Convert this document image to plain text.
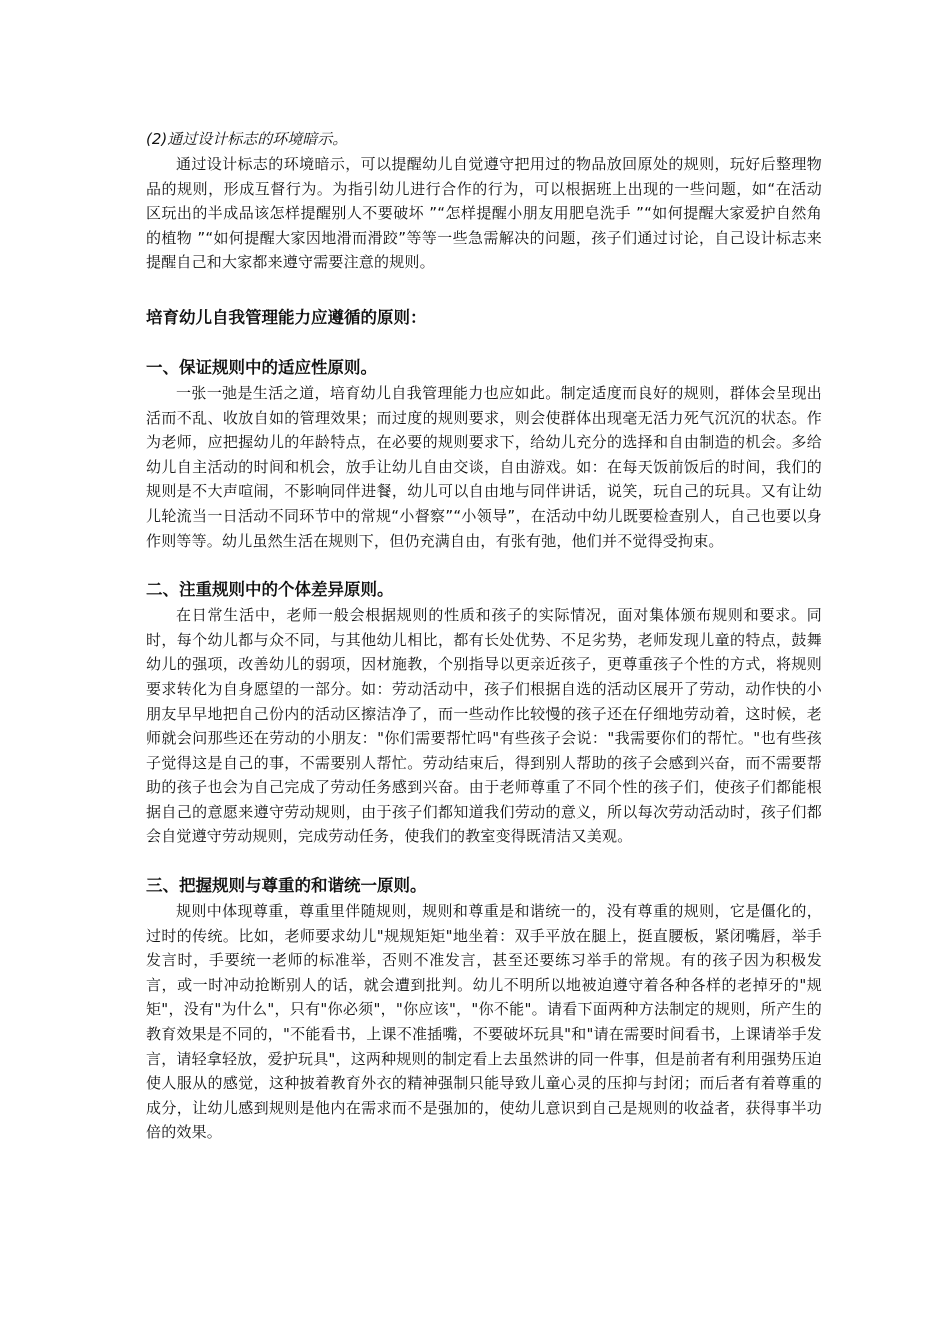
(2)通过设计标志的环境暗示。

通过设计标志的环境暗示，可以提醒幼儿自觉遵守把用过的物品放回原处的规则，玩好后整理物品的规则，形成互督行为。为指引幼儿进行合作的行为，可以根据班上出现的一些问题，如“在活动区玩出的半成品该怎样提醒别人不要破坏 ”“怎样提醒小朋友用肥皂洗手 ”“如何提醒大家爱护自然角的植物 ”“如何提醒大家因地滑而滑跤”等等一些急需解决的问题，孩子们通过讨论，自己设计标志来提醒自己和大家都来遵守需要注意的规则。

培育幼儿自我管理能力应遵循的原则：

一、保证规则中的适应性原则。

一张一弛是生活之道，培育幼儿自我管理能力也应如此。制定适度而良好的规则，群体会呈现出活而不乱、收放自如的管理效果；而过度的规则要求，则会使群体出现毫无活力死气沉沉的状态。作为老师，应把握幼儿的年龄特点，在必要的规则要求下，给幼儿充分的选择和自由制造的机会。多给幼儿自主活动的时间和机会，放手让幼儿自由交谈，自由游戏。如：在每天饭前饭后的时间，我们的规则是不大声喧闹，不影响同伴进餐，幼儿可以自由地与同伴讲话，说笑，玩自己的玩具。又有让幼儿轮流当一日活动不同环节中的常规“小督察”“小领导”，在活动中幼儿既要检查别人，自己也要以身作则等等。幼儿虽然生活在规则下，但仍充满自由，有张有弛，他们并不觉得受拘束。

二、注重规则中的个体差异原则。

在日常生活中，老师一般会根据规则的性质和孩子的实际情况，面对集体颁布规则和要求。同时，每个幼儿都与众不同，与其他幼儿相比，都有长处优势、不足劣势，老师发现儿童的特点，鼓舞幼儿的强项，改善幼儿的弱项，因材施教，个别指导以更亲近孩子，更尊重孩子个性的方式，将规则要求转化为自身愿望的一部分。如：劳动活动中，孩子们根据自选的活动区展开了劳动，动作快的小朋友早早地把自己份内的活动区擦洁净了，而一些动作比较慢的孩子还在仔细地劳动着，这时候，老师就会问那些还在劳动的小朋友："你们需要帮忙吗"有些孩子会说："我需要你们的帮忙。"也有些孩子觉得这是自己的事，不需要别人帮忙。劳动结束后，得到别人帮助的孩子会感到兴奋，而不需要帮助的孩子也会为自己完成了劳动任务感到兴奋。由于老师尊重了不同个性的孩子们，使孩子们都能根据自己的意愿来遵守劳动规则，由于孩子们都知道我们劳动的意义，所以每次劳动活动时，孩子们都会自觉遵守劳动规则，完成劳动任务，使我们的教室变得既清洁又美观。

三、把握规则与尊重的和谐统一原则。

规则中体现尊重，尊重里伴随规则，规则和尊重是和谐统一的，没有尊重的规则，它是僵化的，过时的传统。比如，老师要求幼儿"规规矩矩"地坐着：双手平放在腿上，挺直腰板，紧闭嘴唇，举手发言时，手要统一老师的标准举，否则不准发言，甚至还要练习举手的常规。有的孩子因为积极发言，或一时冲动抢断别人的话，就会遭到批判。幼儿不明所以地被迫遵守着各种各样的老掉牙的"规矩"，没有"为什么"，只有"你必须"，"你应该"，"你不能"。请看下面两种方法制定的规则，所产生的教育效果是不同的，"不能看书，上课不准插嘴，不要破坏玩具"和"请在需要时间看书，上课请举手发言，请轻拿轻放，爱护玩具"，这两种规则的制定看上去虽然讲的同一件事，但是前者有利用强势压迫使人服从的感觉，这种披着教育外衣的精神强制只能导致儿童心灵的压抑与封闭；而后者有着尊重的成分，让幼儿感到规则是他内在需求而不是强加的，使幼儿意识到自己是规则的收益者，获得事半功倍的效果。
